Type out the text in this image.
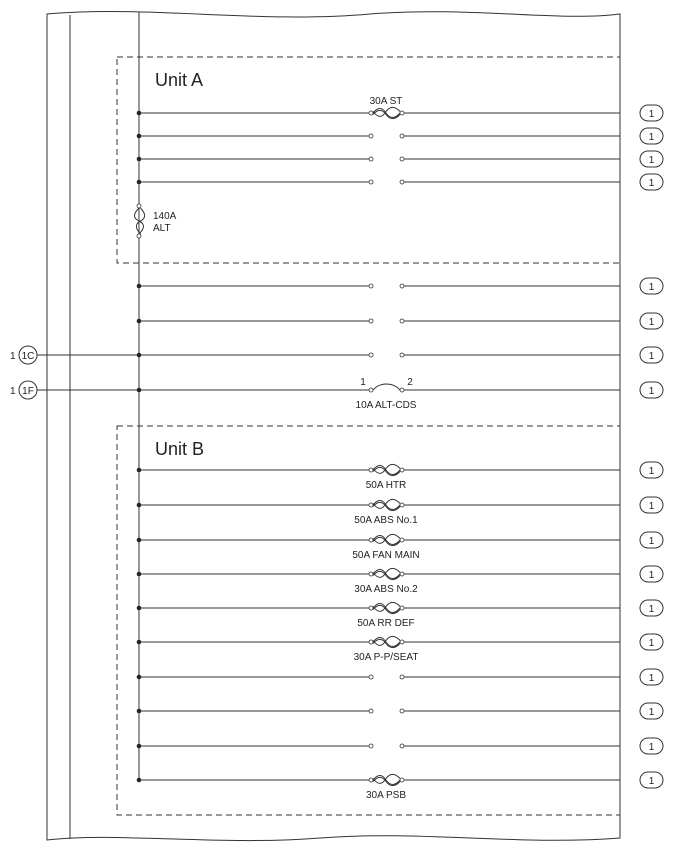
Unit A
Unit B
140A
ALT
1 1C
1 1F
1	2
30A ST
1
1
1
1
1
1
1
10A ALT-CDS
1
50A HTR
1
50A ABS No.1
1
50A FAN MAIN
1
30A ABS No.2
1
50A RR DEF
1
30A P-P/SEAT
1
1
1
1
30A PSB
1
